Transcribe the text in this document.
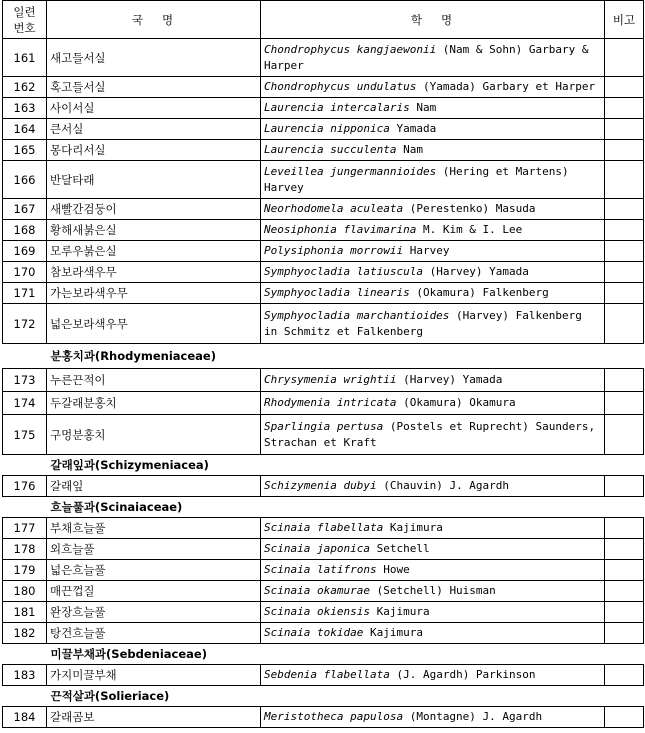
일련
번호	국   명	학   명	비고
161	새고들서실	Chondrophycus kangjaewonii (Nam & Sohn) Garbary & Harper	
162	혹고들서실	Chondrophycus undulatus (Yamada) Garbary et Harper	
163	사이서실	Laurencia intercalaris Nam	
164	큰서실	Laurencia nipponica Yamada	
165	몽다리서실	Laurencia succulenta Nam	
166	반달타래	Leveillea jungermannioides (Hering et Martens) Harvey	
167	새빨간검둥이	Neorhodomela aculeata (Perestenko) Masuda	
168	황해새붉은실	Neosiphonia flavimarina M. Kim & I. Lee	
169	모루우붉은실	Polysiphonia morrowii Harvey	
170	참보라색우무	Symphyocladia latiuscula (Harvey) Yamada	
171	가는보라색우무	Symphyocladia linearis (Okamura) Falkenberg	
172	넓은보라색우무	Symphyocladia marchantioides (Harvey) Falkenberg in Schmitz et Falkenberg	
분홍치과(Rhodymeniaceae)			
173	누른끈적이	Chrysymenia wrightii (Harvey) Yamada	
174	두갈래분홍치	Rhodymenia intricata (Okamura) Okamura	
175	구멍분홍치	Sparlingia pertusa (Postels et Ruprecht) Saunders, Strachan et Kraft	
갈래잎과(Schizymeniacea)			
176	갈래잎	Schizymenia dubyi (Chauvin) J. Agardh	
흐늘풀과(Scinaiaceae)			
177	부채흐늘풀	Scinaia flabellata Kajimura	
178	외흐늘풀	Scinaia japonica Setchell	
179	넓은흐늘풀	Scinaia latifrons Howe	
180	매끈껍질	Scinaia okamurae (Setchell) Huisman	
181	완장흐늘풀	Scinaia okiensis Kajimura	
182	탕건흐늘풀	Scinaia tokidae Kajimura	
미끌부채과(Sebdeniaceae)			
183	가지미끌부채	Sebdenia flabellata (J. Agardh) Parkinson	
끈적살과(Solieriace)			
184	갈래곰보	Meristotheca papulosa (Montagne) J. Agardh	
